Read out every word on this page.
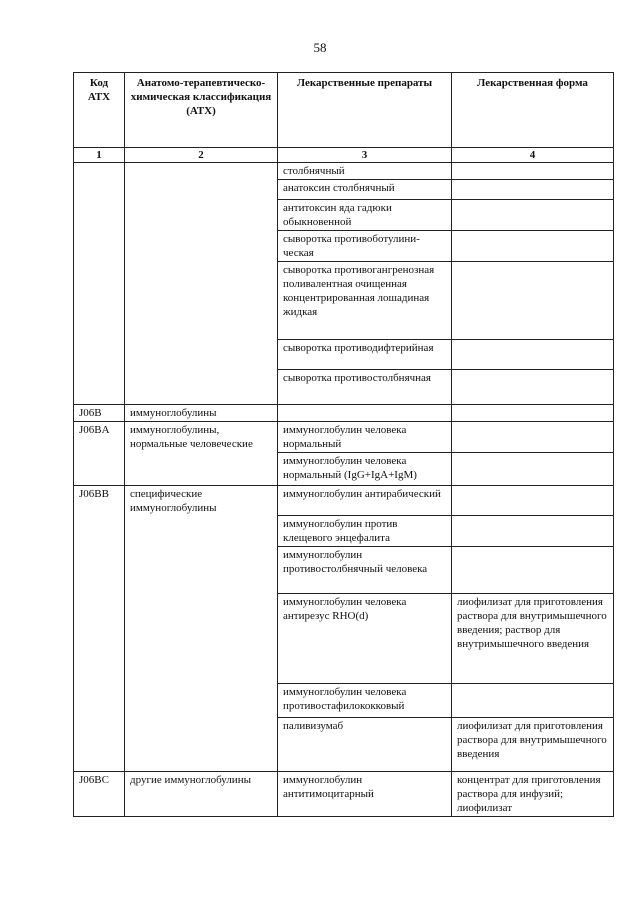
58
Код АТХ	Анатомо-терапевтическо-химическая классификация (АТХ)	Лекарственные препараты	Лекарственная форма
1	2	3	4
		столбнячный	
		анатоксин столбнячный	
		антитоксин яда гадюки обыкновенной	
		сыворотка противоботулини-ческая	
		сыворотка противогангренозная поливалентная очищенная концентрированная лошадиная жидкая	
		сыворотка противодифтерийная	
		сыворотка противостолбнячная	
J06B	иммуноглобулины		
J06BA	иммуноглобулины, нормальные человеческие	иммуноглобулин человека нормальный	
		иммуноглобулин человека нормальный (IgG+IgA+IgM)	
J06BB	специфические иммуноглобулины	иммуноглобулин антирабический	
		иммуноглобулин против клещевого энцефалита	
		иммуноглобулин противостолбнячный человека	
		иммуноглобулин человека антирезус RHO(d)	лиофилизат для приготовления раствора для внутримышечного введения; раствор для внутримышечного введения
		иммуноглобулин человека противостафилококковый	
		паливизумаб	лиофилизат для приготовления раствора для внутримышечного введения
J06BC	другие иммуноглобулины	иммуноглобулин антитимоцитарный	концентрат для приготовления раствора для инфузий; лиофилизат
